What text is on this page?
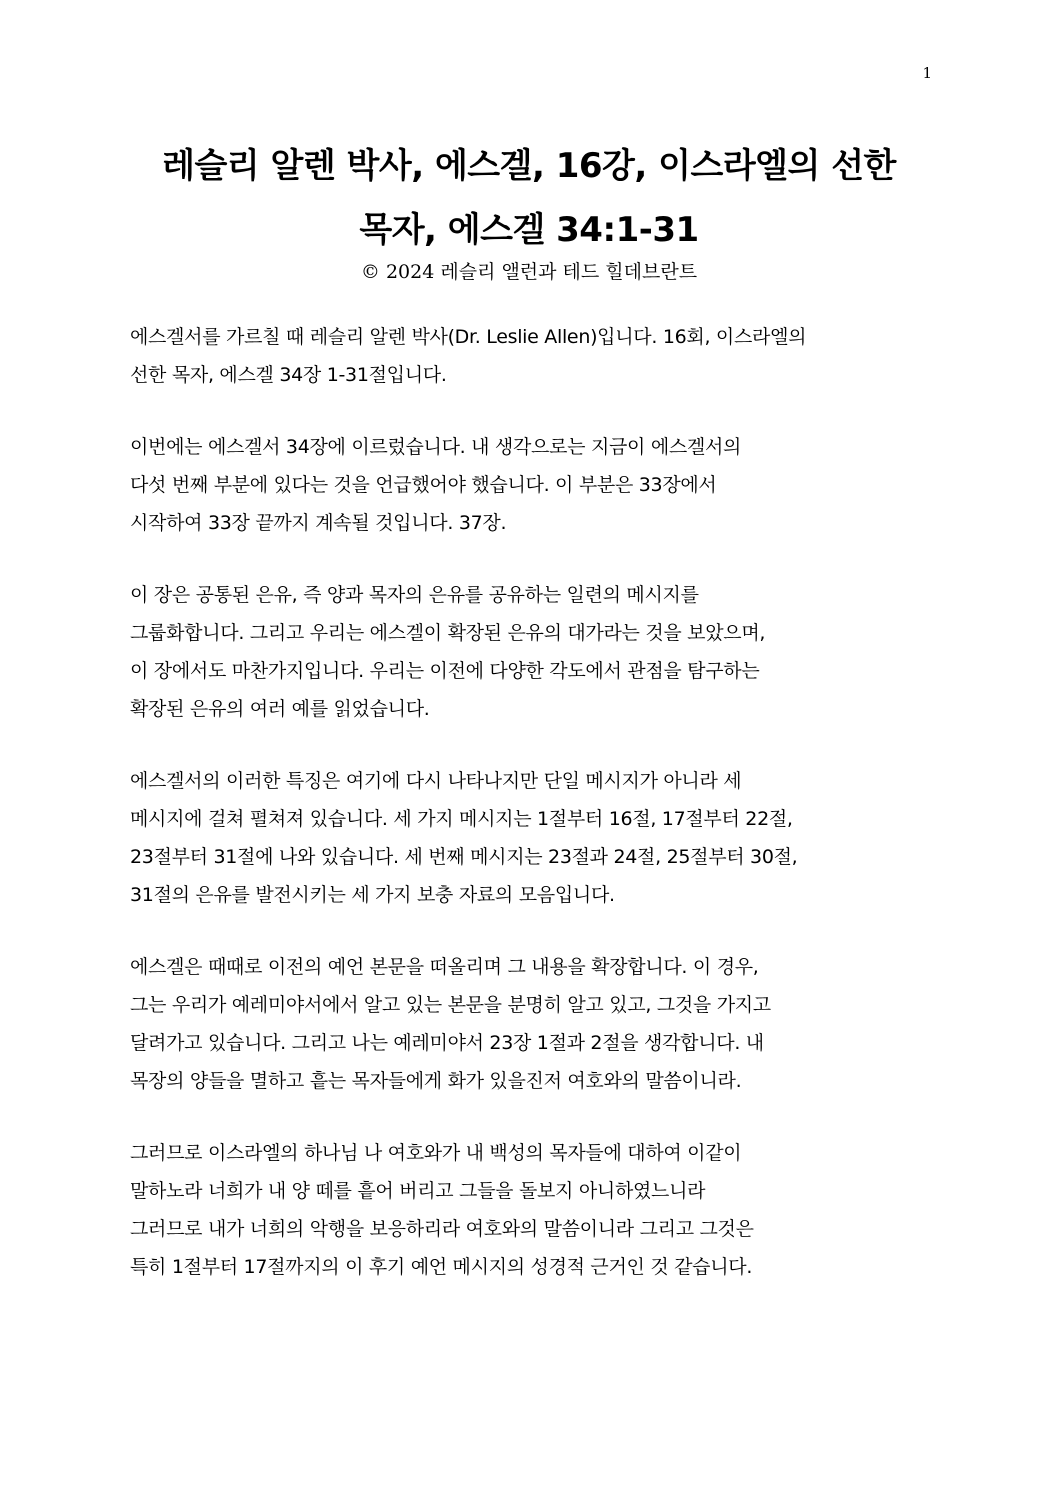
1
레슬리 알렌 박사, 에스겔, 16강, 이스라엘의 선한
목자, 에스겔 34:1-31
© 2024 레슬리 앨런과 테드 힐데브란트
에스겔서를 가르칠 때 레슬리 알렌 박사(Dr. Leslie Allen)입니다. 16회, 이스라엘의
선한 목자, 에스겔 34장 1-31절입니다.
이번에는 에스겔서 34장에 이르렀습니다. 내 생각으로는 지금이 에스겔서의
다섯 번째 부분에 있다는 것을 언급했어야 했습니다. 이 부분은 33장에서
시작하여 33장 끝까지 계속될 것입니다. 37장.
이 장은 공통된 은유, 즉 양과 목자의 은유를 공유하는 일련의 메시지를
그룹화합니다. 그리고 우리는 에스겔이 확장된 은유의 대가라는 것을 보았으며,
이 장에서도 마찬가지입니다. 우리는 이전에 다양한 각도에서 관점을 탐구하는
확장된 은유의 여러 예를 읽었습니다.
에스겔서의 이러한 특징은 여기에 다시 나타나지만 단일 메시지가 아니라 세
메시지에 걸쳐 펼쳐져 있습니다. 세 가지 메시지는 1절부터 16절, 17절부터 22절,
23절부터 31절에 나와 있습니다. 세 번째 메시지는 23절과 24절, 25절부터 30절,
31절의 은유를 발전시키는 세 가지 보충 자료의 모음입니다.
에스겔은 때때로 이전의 예언 본문을 떠올리며 그 내용을 확장합니다. 이 경우,
그는 우리가 예레미야서에서 알고 있는 본문을 분명히 알고 있고, 그것을 가지고
달려가고 있습니다. 그리고 나는 예레미야서 23장 1절과 2절을 생각합니다. 내
목장의 양들을 멸하고 흩는 목자들에게 화가 있을진저 여호와의 말씀이니라.
그러므로 이스라엘의 하나님 나 여호와가 내 백성의 목자들에 대하여 이같이
말하노라 너희가 내 양 떼를 흩어 버리고 그들을 돌보지 아니하였느니라
그러므로 내가 너희의 악행을 보응하리라 여호와의 말씀이니라 그리고 그것은
특히 1절부터 17절까지의 이 후기 예언 메시지의 성경적 근거인 것 같습니다.
